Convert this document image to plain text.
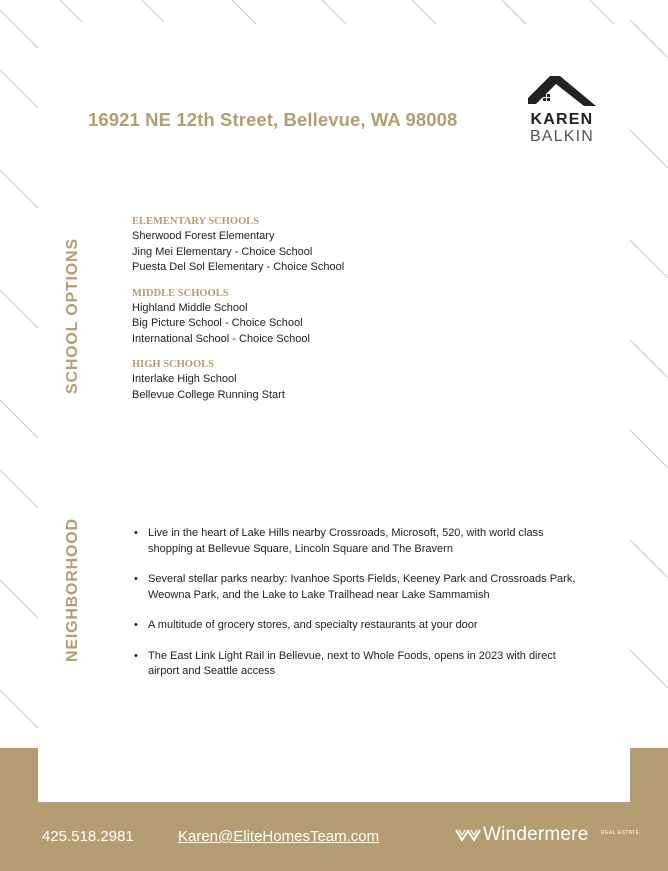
16921 NE 12th Street, Bellevue, WA 98008	KAREN
BALKIN
SCHOOL OPTIONS
NEIGHBORHOOD
ELEMENTARY SCHOOLS
Sherwood Forest Elementary
Jing Mei Elementary - Choice School
Puesta Del Sol Elementary - Choice School
MIDDLE SCHOOLS
Highland Middle School
Big Picture School - Choice School
International School - Choice School
HIGH SCHOOLS
Interlake High School
Bellevue College Running Start
• Live in the heart of Lake Hills nearby Crossroads, Microsoft, 520, with world class shopping at Bellevue Square, Lincoln Square and The Bravern
• Several stellar parks nearby: Ivanhoe Sports Fields, Keeney Park and Crossroads Park, Weowna Park, and the Lake to Lake Trailhead near Lake Sammamish
• A multitude of grocery stores, and specialty restaurants at your door
• The East Link Light Rail in Bellevue, next to Whole Foods, opens in 2023 with direct airport and Seattle access
425.518.2981	Karen@EliteHomesTeam.com	Windermere	REAL ESTATE
